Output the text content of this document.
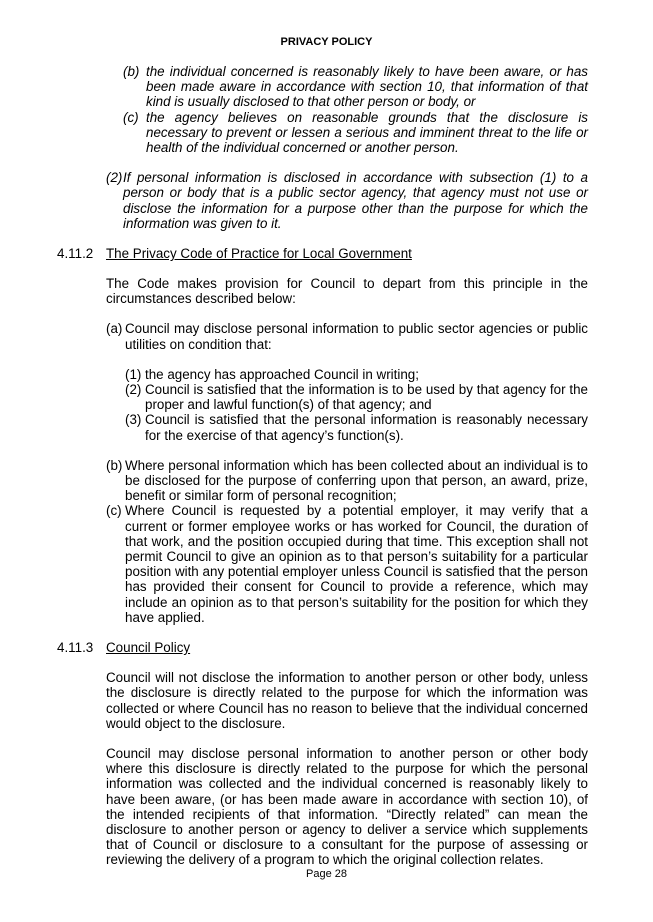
PRIVACY POLICY
(b) the individual concerned is reasonably likely to have been aware, or has been made aware in accordance with section 10, that information of that kind is usually disclosed to that other person or body, or
(c) the agency believes on reasonable grounds that the disclosure is necessary to prevent or lessen a serious and imminent threat to the life or health of the individual concerned or another person.
(2) If personal information is disclosed in accordance with subsection (1) to a person or body that is a public sector agency, that agency must not use or disclose the information for a purpose other than the purpose for which the information was given to it.
4.11.2 The Privacy Code of Practice for Local Government

The Code makes provision for Council to depart from this principle in the circumstances described below:

(a) Council may disclose personal information to public sector agencies or public utilities on condition that:
(1) the agency has approached Council in writing;
(2) Council is satisfied that the information is to be used by that agency for the proper and lawful function(s) of that agency; and
(3) Council is satisfied that the personal information is reasonably necessary for the exercise of that agency’s function(s).
(b) Where personal information which has been collected about an individual is to be disclosed for the purpose of conferring upon that person, an award, prize, benefit or similar form of personal recognition;
(c) Where Council is requested by a potential employer, it may verify that a current or former employee works or has worked for Council, the duration of that work, and the position occupied during that time. This exception shall not permit Council to give an opinion as to that person’s suitability for a particular position with any potential employer unless Council is satisfied that the person has provided their consent for Council to provide a reference, which may include an opinion as to that person’s suitability for the position for which they have applied.
4.11.3 Council Policy

Council will not disclose the information to another person or other body, unless the disclosure is directly related to the purpose for which the information was collected or where Council has no reason to believe that the individual concerned would object to the disclosure.

Council may disclose personal information to another person or other body where this disclosure is directly related to the purpose for which the personal information was collected and the individual concerned is reasonably likely to have been aware, (or has been made aware in accordance with section 10), of the intended recipients of that information. “Directly related” can mean the disclosure to another person or agency to deliver a service which supplements that of Council or disclosure to a consultant for the purpose of assessing or reviewing the delivery of a program to which the original collection relates.

Page 28
